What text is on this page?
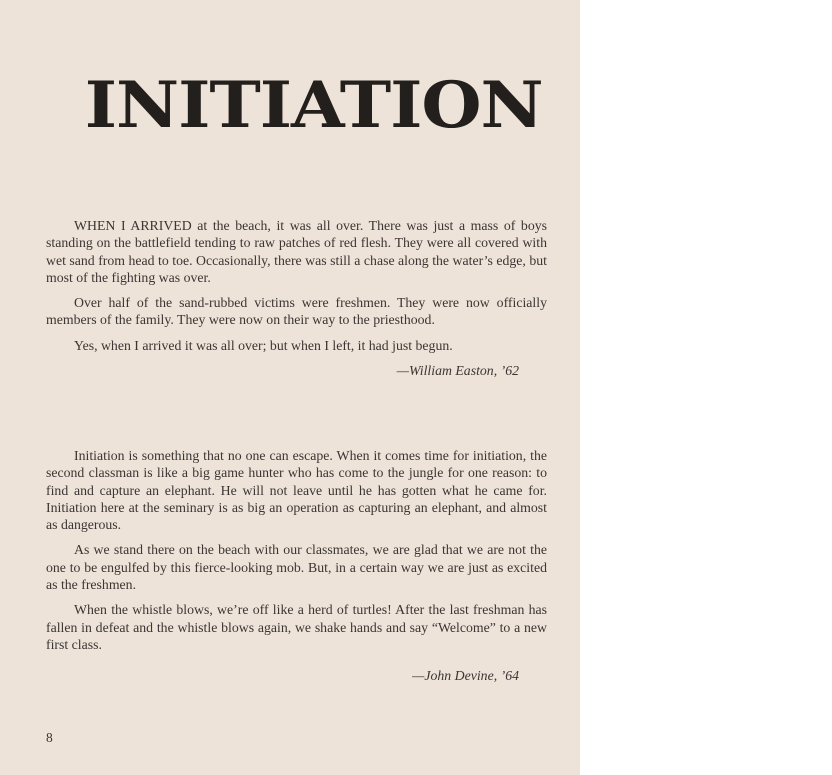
INITIATION

WHEN I ARRIVED at the beach, it was all over. There was just a mass of boys standing on the battlefield tending to raw patches of red flesh. They were all covered with wet sand from head to toe. Occasionally, there was still a chase along the water’s edge, but most of the fighting was over.

Over half of the sand-rubbed victims were freshmen. They were now officially members of the family. They were now on their way to the priesthood.

Yes, when I arrived it was all over; but when I left, it had just begun.

—William Easton, ’62

Initiation is something that no one can escape. When it comes time for initiation, the second classman is like a big game hunter who has come to the jungle for one reason: to find and capture an elephant. He will not leave until he has gotten what he came for. Initiation here at the seminary is as big an operation as capturing an elephant, and almost as dangerous.

As we stand there on the beach with our classmates, we are glad that we are not the one to be engulfed by this fierce-looking mob. But, in a certain way we are just as excited as the freshmen.

When the whistle blows, we’re off like a herd of turtles! After the last freshman has fallen in defeat and the whistle blows again, we shake hands and say “Welcome” to a new first class.

—John Devine, ’64

8
